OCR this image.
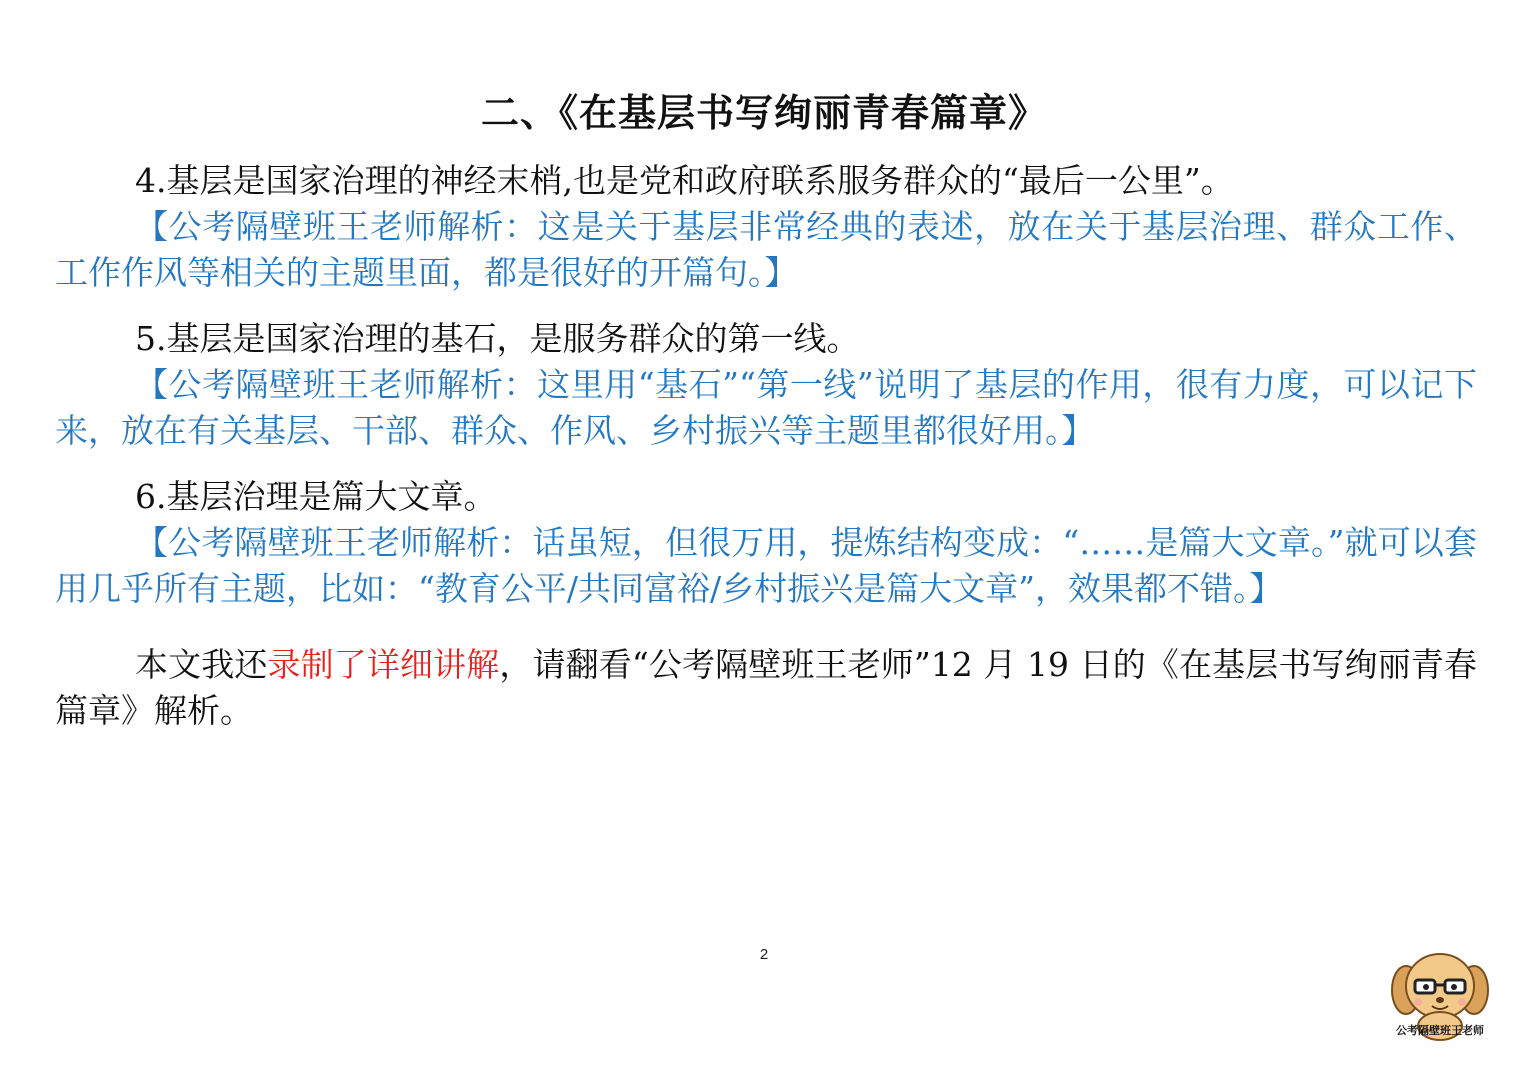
二、《在基层书写绚丽青春篇章》

4.基层是国家治理的神经末梢,也是党和政府联系服务群众的“最后一公里”。

【公考隔壁班王老师解析：这是关于基层非常经典的表述，放在关于基层治理、群众工作、工作作风等相关的主题里面，都是很好的开篇句。】

5.基层是国家治理的基石，是服务群众的第一线。

【公考隔壁班王老师解析：这里用“基石”“第一线”说明了基层的作用，很有力度，可以记下来，放在有关基层、干部、群众、作风、乡村振兴等主题里都很好用。】

6.基层治理是篇大文章。

【公考隔壁班王老师解析：话虽短，但很万用，提炼结构变成：“……是篇大文章。”就可以套用几乎所有主题，比如：“教育公平/共同富裕/乡村振兴是篇大文章”，效果都不错。】

本文我还录制了详细讲解，请翻看“公考隔壁班王老师”12 月 19 日的《在基层书写绚丽青春篇章》解析。

2
公考隔壁班王老师
